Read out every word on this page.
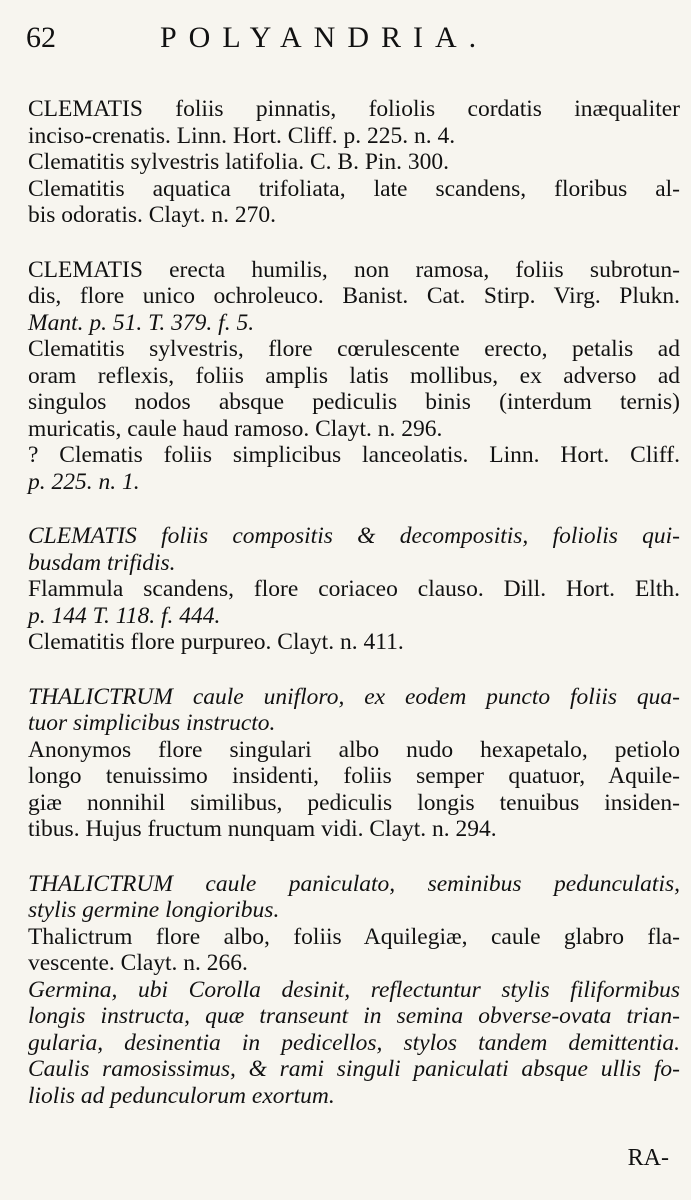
62	POLYANDRIA.
CLEMATIS foliis pinnatis, foliolis cordatis inæqualiter
inciso-crenatis. Linn. Hort. Cliff. p. 225. n. 4.
Clematitis sylvestris latifolia. C. B. Pin. 300.
Clematitis aquatica trifoliata, late scandens, floribus al-
bis odoratis. Clayt. n. 270.
CLEMATIS erecta humilis, non ramosa, foliis subrotun-
dis, flore unico ochroleuco. Banist. Cat. Stirp. Virg. Plukn.
Mant. p. 51. T. 379. f. 5.
Clematitis sylvestris, flore cœrulescente erecto, petalis ad
oram reflexis, foliis amplis latis mollibus, ex adverso ad
singulos nodos absque pediculis binis (interdum ternis)
muricatis, caule haud ramoso. Clayt. n. 296.
? Clematis foliis simplicibus lanceolatis. Linn. Hort. Cliff.
p. 225. n. 1.
CLEMATIS foliis compositis & decompositis, foliolis qui-
busdam trifidis.
Flammula scandens, flore coriaceo clauso. Dill. Hort. Elth.
p. 144 T. 118. f. 444.
Clematitis flore purpureo. Clayt. n. 411.
THALICTRUM caule unifloro, ex eodem puncto foliis qua-
tuor simplicibus instructo.
Anonymos flore singulari albo nudo hexapetalo, petiolo
longo tenuissimo insidenti, foliis semper quatuor, Aquile-
giæ nonnihil similibus, pediculis longis tenuibus insiden-
tibus. Hujus fructum nunquam vidi. Clayt. n. 294.
THALICTRUM caule paniculato, seminibus pedunculatis,
stylis germine longioribus.
Thalictrum flore albo, foliis Aquilegiæ, caule glabro fla-
vescente. Clayt. n. 266.
Germina, ubi Corolla desinit, reflectuntur stylis filiformibus
longis instructa, quæ transeunt in semina obverse-ovata trian-
gularia, desinentia in pedicellos, stylos tandem demittentia.
Caulis ramosissimus, & rami singuli paniculati absque ullis fo-
liolis ad pedunculorum exortum.
RA-
